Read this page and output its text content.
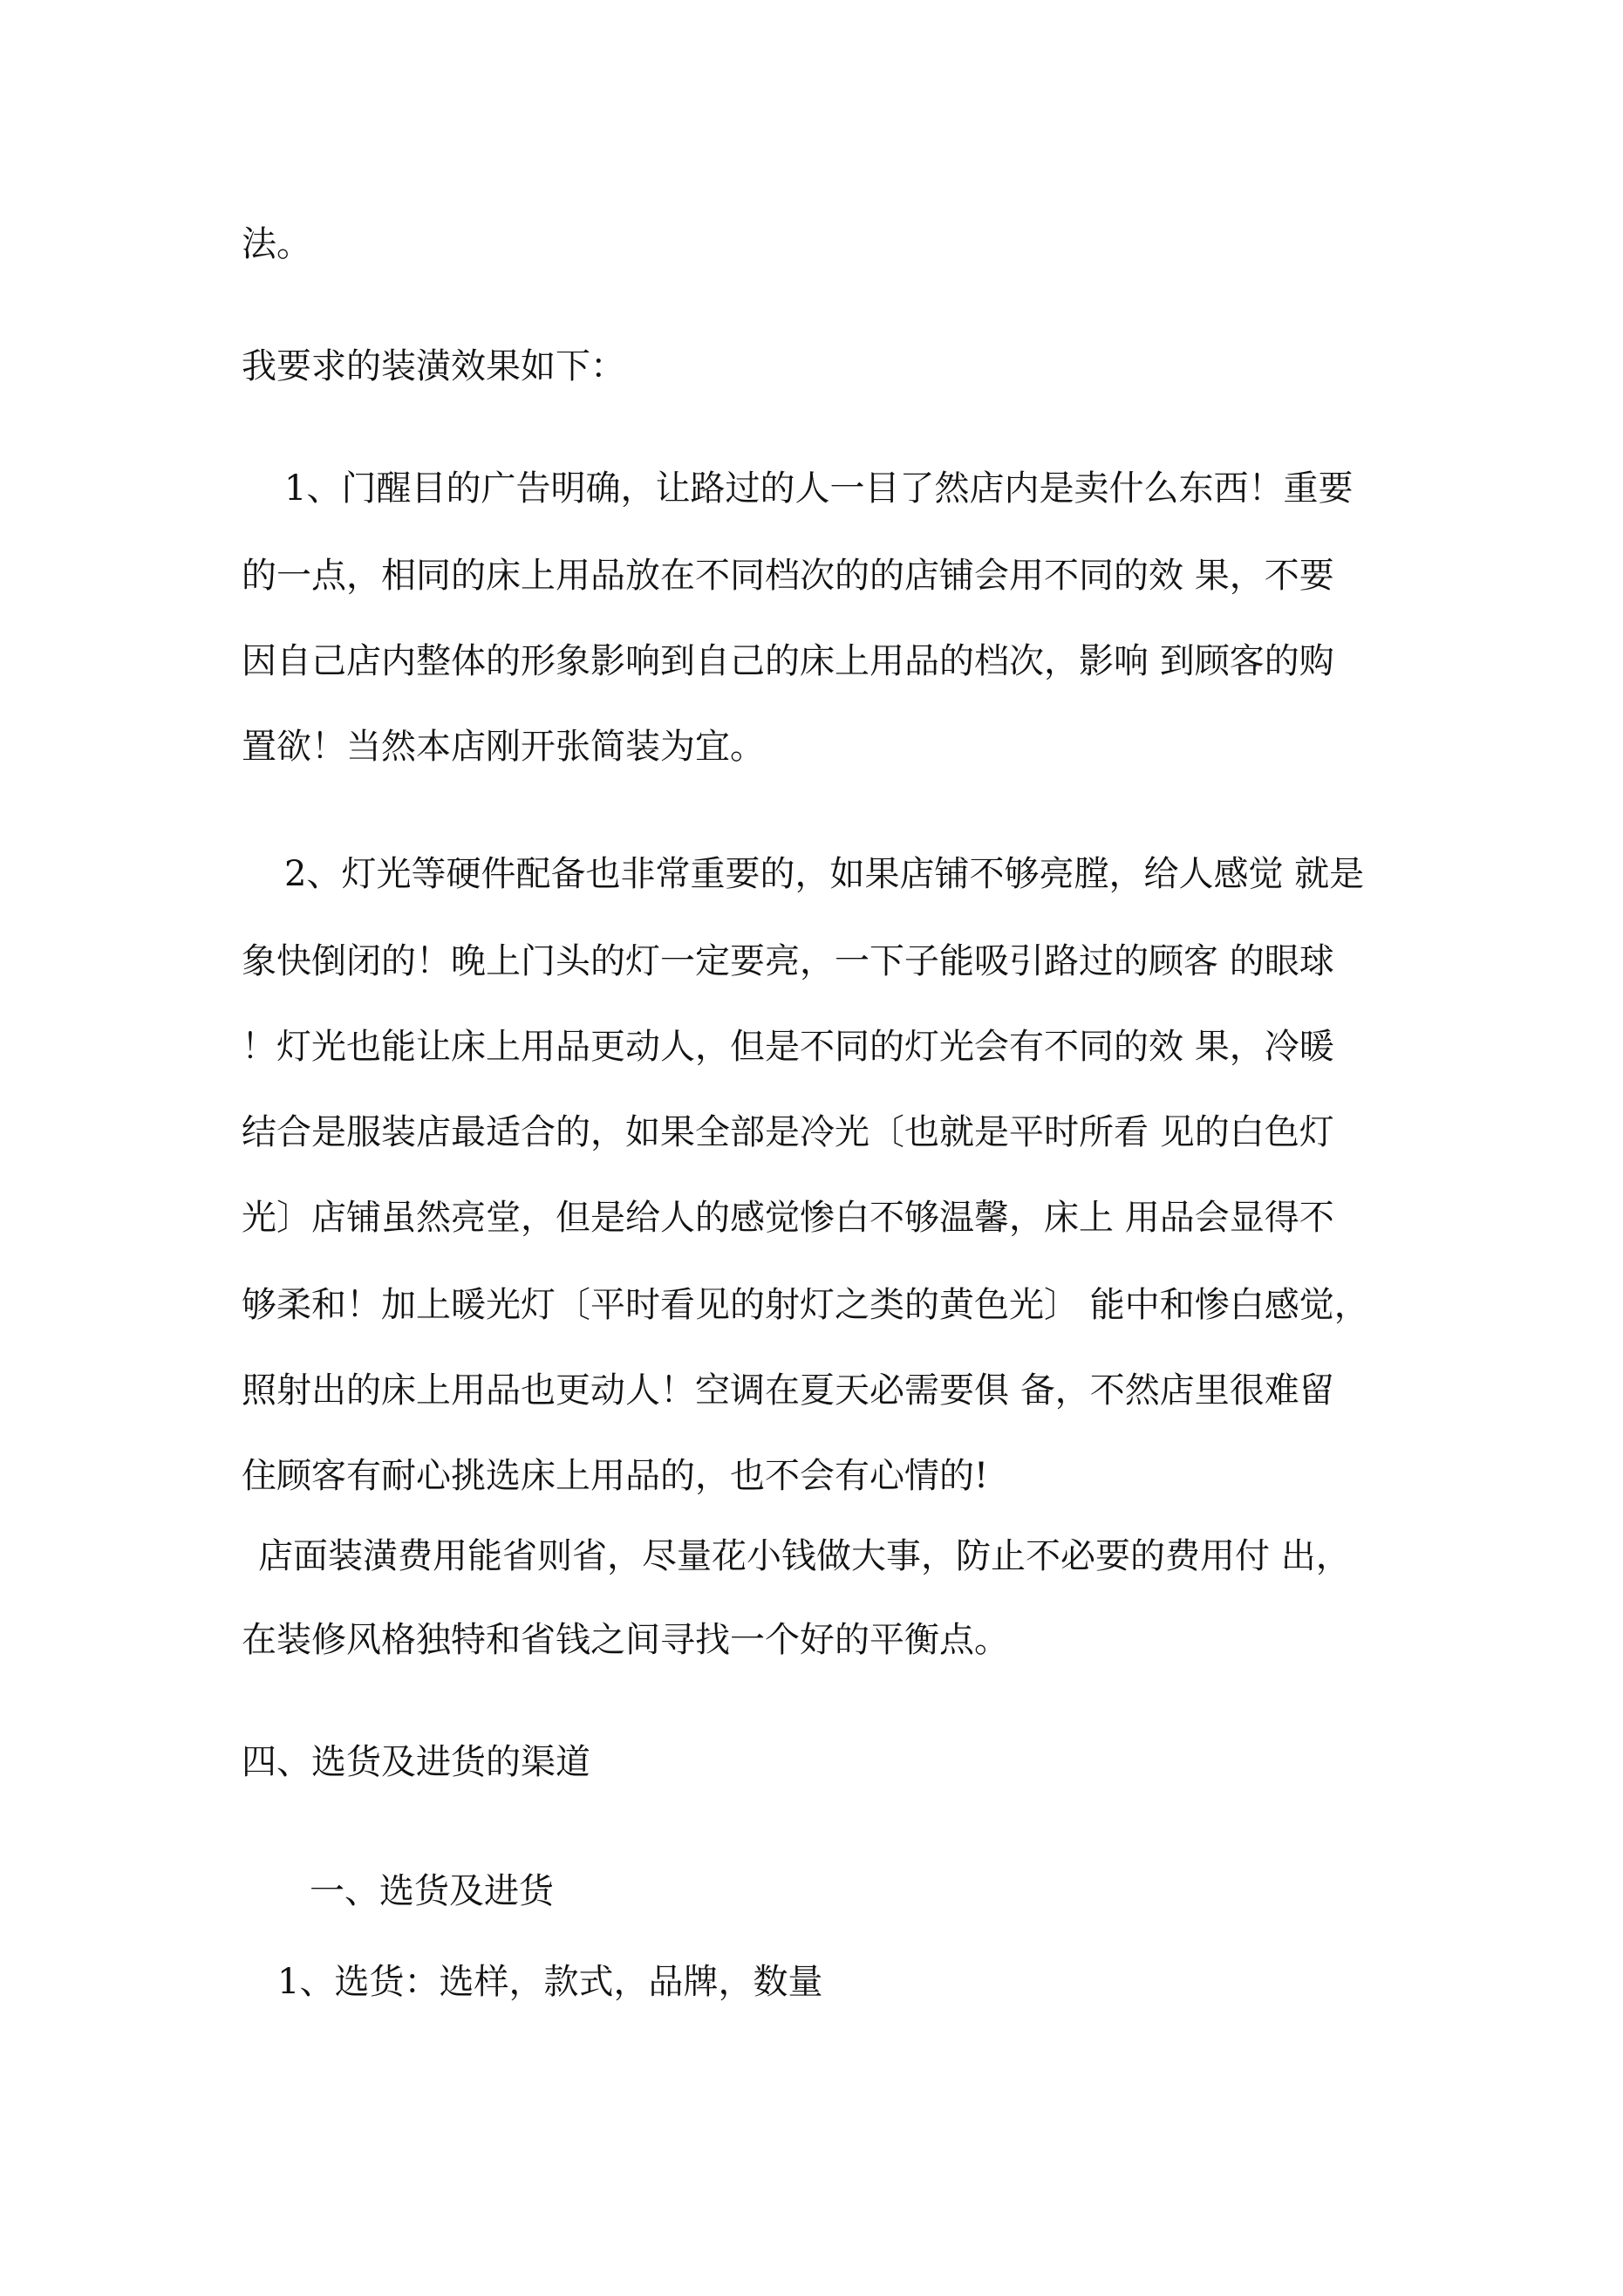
法。
我要求的装潢效果如下：
1、门醒目的广告明确，让路过的人一目了然店内是卖什么东西！重要
的一点，相同的床上用品放在不同档次的的店铺会用不同的效 果，不要
因自己店内整体的形象影响到自己的床上用品的档次，影响 到顾客的购
置欲！当然本店刚开张简装为宜。
2、灯光等硬件配备也非常重要的，如果店铺不够亮膛，给人感觉 就是
象快倒闭的！晚上门头的灯一定要亮，一下子能吸引路过的顾客 的眼球
！灯光也能让床上用品更动人，但是不同的灯光会有不同的效 果，冷暖
结合是服装店最适合的，如果全部是冷光〔也就是平时所看 见的白色灯
光〕店铺虽然亮堂，但是给人的感觉惨白不够温馨，床上 用品会显得不
够柔和！加上暖光灯〔平时看见的射灯之类的黄色光〕 能中和惨白感觉，
照射出的床上用品也更动人！空调在夏天必需要俱 备，不然店里很难留
住顾客有耐心挑选床上用品的，也不会有心情的!
店面装潢费用能省则省，尽量花小钱做大事，防止不必要的费用付 出，
在装修风格独特和省钱之间寻找一个好的平衡点。
四、选货及进货的渠道
一、选货及进货
1、选货：选样，款式，品牌，数量
